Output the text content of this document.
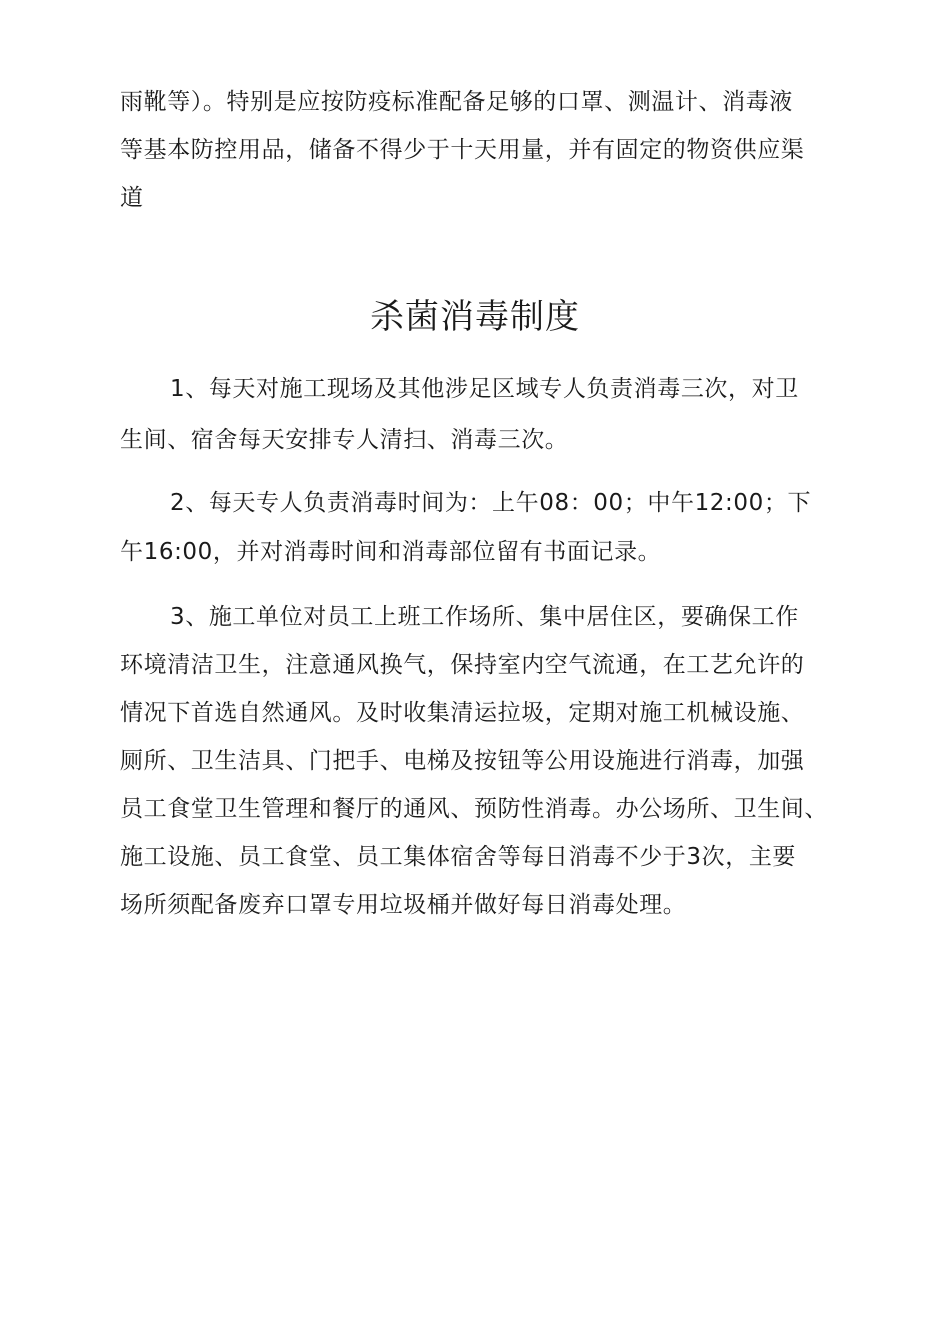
雨靴等）。特别是应按防疫标准配备足够的口罩、测温计、消毒液
等基本防控用品，储备不得少于十天用量，并有固定的物资供应渠
道
杀菌消毒制度
1、每天对施工现场及其他涉足区域专人负责消毒三次，对卫
生间、宿舍每天安排专人清扫、消毒三次。
2、每天专人负责消毒时间为：上午08：00；中午12:00；下
午16:00，并对消毒时间和消毒部位留有书面记录。
3、施工单位对员工上班工作场所、集中居住区，要确保工作
环境清洁卫生，注意通风换气，保持室内空气流通，在工艺允许的
情况下首选自然通风。及时收集清运拉圾，定期对施工机械设施、
厕所、卫生洁具、门把手、电梯及按钮等公用设施进行消毒，加强
员工食堂卫生管理和餐厅的通风、预防性消毒。办公场所、卫生间、
施工设施、员工食堂、员工集体宿舍等每日消毒不少于3次，主要
场所须配备废弃口罩专用垃圾桶并做好每日消毒处理。
